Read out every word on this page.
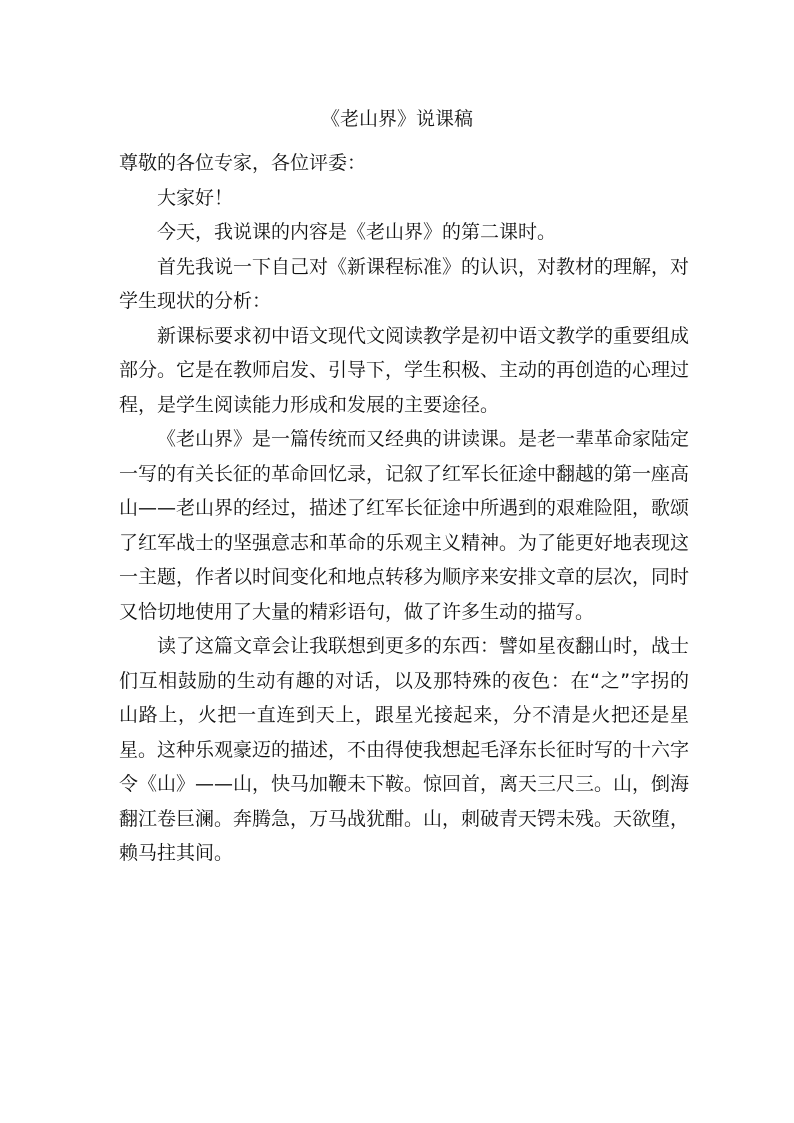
《老山界》说课稿

尊敬的各位专家，各位评委：

大家好！

今天，我说课的内容是《老山界》的第二课时。

首先我说一下自己对《新课程标准》的认识，对教材的理解，对学生现状的分析：

新课标要求初中语文现代文阅读教学是初中语文教学的重要组成部分。它是在教师启发、引导下，学生积极、主动的再创造的心理过程，是学生阅读能力形成和发展的主要途径。

《老山界》是一篇传统而又经典的讲读课。是老一辈革命家陆定一写的有关长征的革命回忆录，记叙了红军长征途中翻越的第一座高山——老山界的经过，描述了红军长征途中所遇到的艰难险阻，歌颂了红军战士的坚强意志和革命的乐观主义精神。为了能更好地表现这一主题，作者以时间变化和地点转移为顺序来安排文章的层次，同时又恰切地使用了大量的精彩语句，做了许多生动的描写。

读了这篇文章会让我联想到更多的东西：譬如星夜翻山时，战士们互相鼓励的生动有趣的对话，以及那特殊的夜色：在“之”字拐的山路上，火把一直连到天上，跟星光接起来，分不清是火把还是星星。这种乐观豪迈的描述，不由得使我想起毛泽东长征时写的十六字令《山》——山，快马加鞭未下鞍。惊回首，离天三尺三。山，倒海翻江卷巨澜。奔腾急，万马战犹酣。山，刺破青天锷未残。天欲堕，赖马拄其间。
